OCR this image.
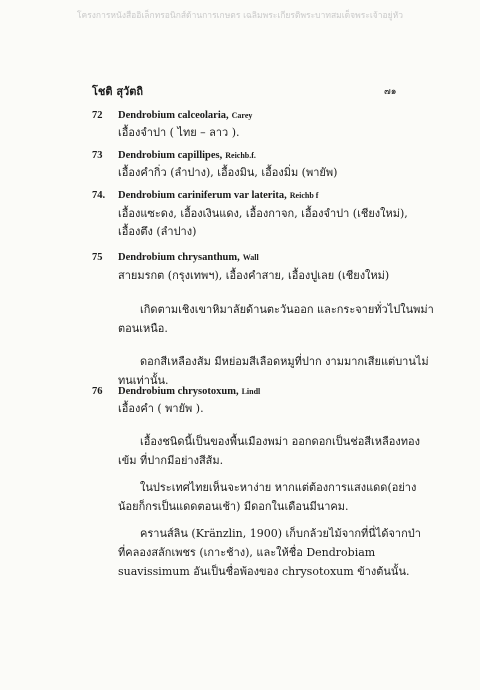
โครงการหนังสืออิเล็กทรอนิกส์ด้านการเกษตร เฉลิมพระเกียรติพระบาทสมเด็จพระเจ้าอยู่หัว
โชติ สุวัตถิ	๗๑
72 Dendrobium calceolaria, Carey
เอื้องจำปา ( ไทย – ลาว ).
73 Dendrobium capillipes, Reichb.f.
เอื้องคำกิ่ว (ลำปาง), เอื้องมิน, เอื้องมิ่ม (พายัพ)
74. Dendrobium cariniferum var laterita, Reichb f
เอื้องแซะดง, เอื้องเงินแดง, เอื้องกาจก, เอื้องจำปา (เชียงใหม่),
เอื้องตึง (ลำปาง)
75 Dendrobium chrysanthum, Wall
สายมรกต (กรุงเทพฯ), เอื้องคำสาย, เอื้องปูเลย (เชียงใหม่)
เกิดตามเชิงเขาหิมาลัยด้านตะวันออก และกระจายทั่วไปในพม่าตอนเหนือ.
ดอกสีเหลืองส้ม มีหย่อมสีเลือดหมูที่ปาก งามมากเสียแต่บานไม่ทนเท่านั้น.
76 Dendrobium chrysotoxum, Lindl
เอื้องคำ ( พายัพ ).
เอื้องชนิดนี้เป็นของพื้นเมืองพม่า ออกดอกเป็นช่อสีเหลืองทองเข้ม ที่ปากมีอย่างสีส้ม.
ในประเทศไทยเห็นจะหาง่าย หากแต่ต้องการแสงแดด(อย่างน้อยก็กรเป็นแดดตอนเช้า) มีดอกในเดือนมีนาคม.
ครานส์ลิน (Kränzlin, 1900) เก็บกล้วยไม้จากที่นี่ได้จากป่าที่คลองสลักเพชร (เกาะช้าง), และให้ชื่อ Dendrobiam suavissimum อันเป็นชื่อพ้องของ chrysotoxum ข้างต้นนั้น.
